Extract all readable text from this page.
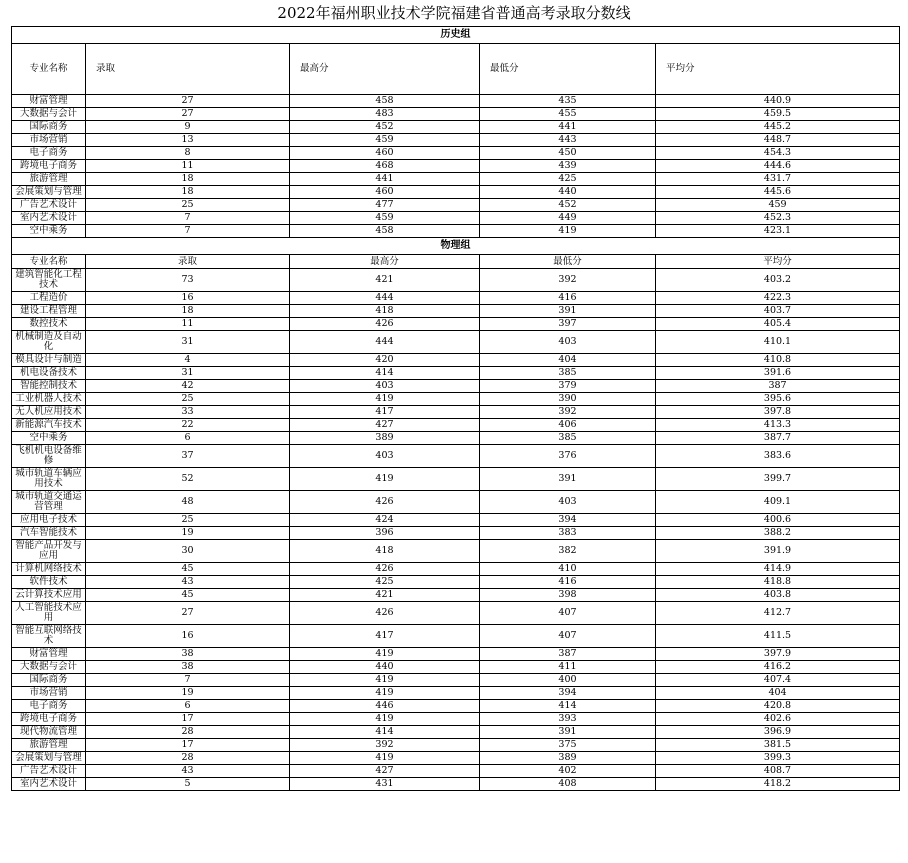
2022年福州职业技术学院福建省普通高考录取分数线
历史组				
专业名称	录取	最高分	最低分	平均分
财富管理	27	458	435	440.9
大数据与会计	27	483	455	459.5
国际商务	9	452	441	445.2
市场营销	13	459	443	448.7
电子商务	8	460	450	454.3
跨境电子商务	11	468	439	444.6
旅游管理	18	441	425	431.7
会展策划与管理	18	460	440	445.6
广告艺术设计	25	477	452	459
室内艺术设计	7	459	449	452.3
空中乘务	7	458	419	423.1
物理组				
专业名称	录取	最高分	最低分	平均分
建筑智能化工程技术	73	421	392	403.2
工程造价	16	444	416	422.3
建设工程管理	18	418	391	403.7
数控技术	11	426	397	405.4
机械制造及自动化	31	444	403	410.1
模具设计与制造	4	420	404	410.8
机电设备技术	31	414	385	391.6
智能控制技术	42	403	379	387
工业机器人技术	25	419	390	395.6
无人机应用技术	33	417	392	397.8
新能源汽车技术	22	427	406	413.3
空中乘务	6	389	385	387.7
飞机机电设备维修	37	403	376	383.6
城市轨道车辆应用技术	52	419	391	399.7
城市轨道交通运营管理	48	426	403	409.1
应用电子技术	25	424	394	400.6
汽车智能技术	19	396	383	388.2
智能产品开发与应用	30	418	382	391.9
计算机网络技术	45	426	410	414.9
软件技术	43	425	416	418.8
云计算技术应用	45	421	398	403.8
人工智能技术应用	27	426	407	412.7
智能互联网络技术	16	417	407	411.5
财富管理	38	419	387	397.9
大数据与会计	38	440	411	416.2
国际商务	7	419	400	407.4
市场营销	19	419	394	404
电子商务	6	446	414	420.8
跨境电子商务	17	419	393	402.6
现代物流管理	28	414	391	396.9
旅游管理	17	392	375	381.5
会展策划与管理	28	419	389	399.3
广告艺术设计	43	427	402	408.7
室内艺术设计	5	431	408	418.2
